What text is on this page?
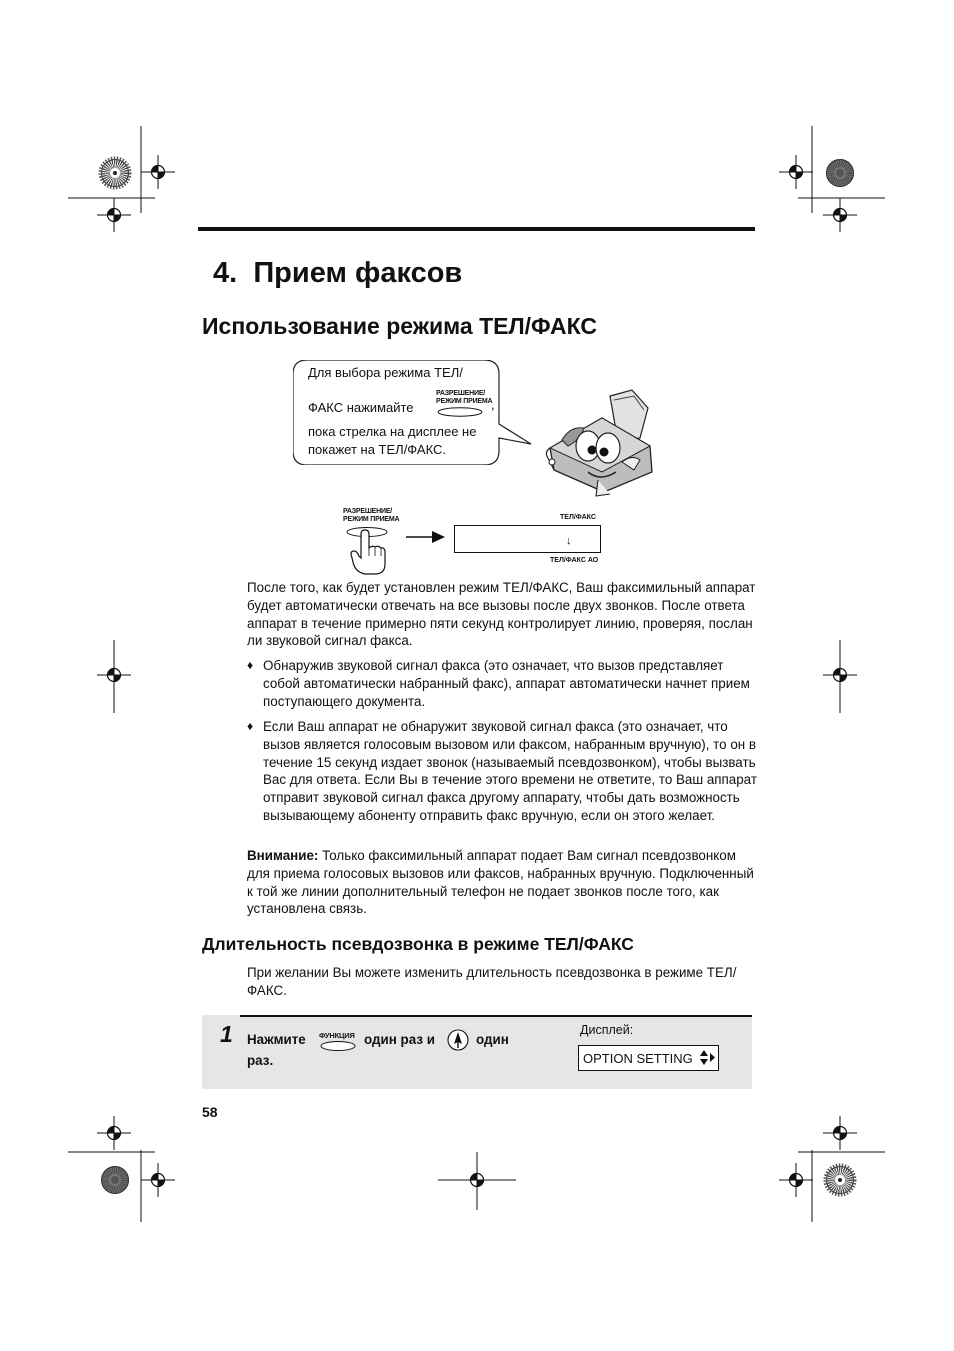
4. Прием факсов
Использование режима ТЕЛ/ФАКС
Для выбора режима ТЕЛ/
ФАКС нажимайте
РАЗРЕШЕНИЕ/
РЕЖИМ ПРИЕМА
,
пока стрелка на дисплее не
покажет на ТЕЛ/ФАКС.
РАЗРЕШЕНИЕ/
РЕЖИМ ПРИЕМА	ТЕЛ/ФАКС
↓
ТЕЛ/ФАКС АО
После того, как будет установлен режим ТЕЛ/ФАКС, Ваш факсимильный аппарат будет автоматически отвечать на все вызовы после двух звонков. После ответа аппарат в течение примерно пяти секунд контролирует линию, проверяя, послан ли звуковой сигнал факса.
♦ Обнаружив звуковой сигнал факса (это означает, что вызов представляет собой автоматически набранный факс), аппарат автоматически начнет прием поступающего документа.
♦ Если Ваш аппарат не обнаружит звуковой сигнал факса (это означает, что вызов является голосовым вызовом или факсом, набранным вручную), то он в течение 15 секунд издает звонок (называемый псевдозвонком), чтобы вызвать Вас для ответа. Если Вы в течение этого времени не ответите, то Ваш аппарат отправит звуковой сигнал факса другому аппарату, чтобы дать возможность вызывающему абоненту отправить факс вручную, если он этого желает.
Внимание: Только факсимильный аппарат подает Вам сигнал псевдозвонком для приема голосовых вызовов или факсов, набранных вручную. Подключенный к той же линии дополнительный телефон не подает звонков после того, как установлена связь.
Длительность псевдозвонка в режиме ТЕЛ/ФАКС
При желании Вы можете изменить длительность псевдозвонка в режиме ТЕЛ/ФАКС.
1 Нажмите ФУНКЦИЯ один раз и	один
раз.
Дисплей:
OPTION SETTING
58
